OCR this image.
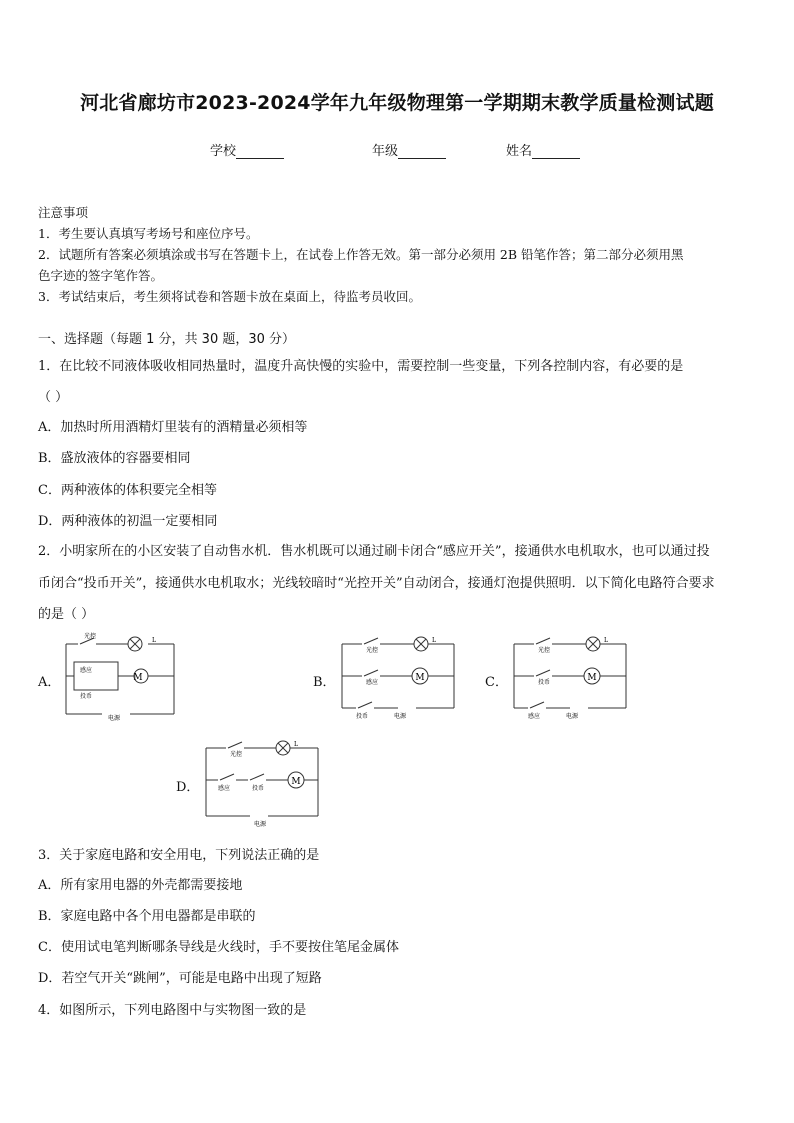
河北省廊坊市2023-2024学年九年级物理第一学期期末教学质量检测试题
学校	年级	姓名
注意事项
1．考生要认真填写考场号和座位序号。
2．试题所有答案必须填涂或书写在答题卡上，在试卷上作答无效。第一部分必须用 2B 铅笔作答；第二部分必须用黑
色字迹的签字笔作答。
3．考试结束后，考生须将试卷和答题卡放在桌面上，待监考员收回。
一、选择题（每题 1 分，共 30 题，30 分）
1．在比较不同液体吸收相同热量时，温度升高快慢的实验中，需要控制一些变量，下列各控制内容，有必要的是
（ ）
A．加热时所用酒精灯里装有的酒精量必须相等
B．盛放液体的容器要相同
C．两种液体的体积要完全相等
D．两种液体的初温一定要相同
2．小明家所在的小区安装了自动售水机．售水机既可以通过刷卡闭合“感应开关”，接通供水电机取水，也可以通过投
币闭合“投币开关”，接通供水电机取水；光线较暗时“光控开关”自动闭合，接通灯泡提供照明．以下简化电路符合要求
的是（ ）
A．	B．	C．
D．
M
L
光控
感应
投币
电源
M
L
光控
感应
投币	电源
M
L
光控
投币
感应	电源
M
L
光控
感应	投币
电源
3．关于家庭电路和安全用电，下列说法正确的是
A．所有家用电器的外壳都需要接地
B．家庭电路中各个用电器都是串联的
C．使用试电笔判断哪条导线是火线时，手不要按住笔尾金属体
D．若空气开关“跳闸”，可能是电路中出现了短路
4．如图所示，下列电路图中与实物图一致的是
